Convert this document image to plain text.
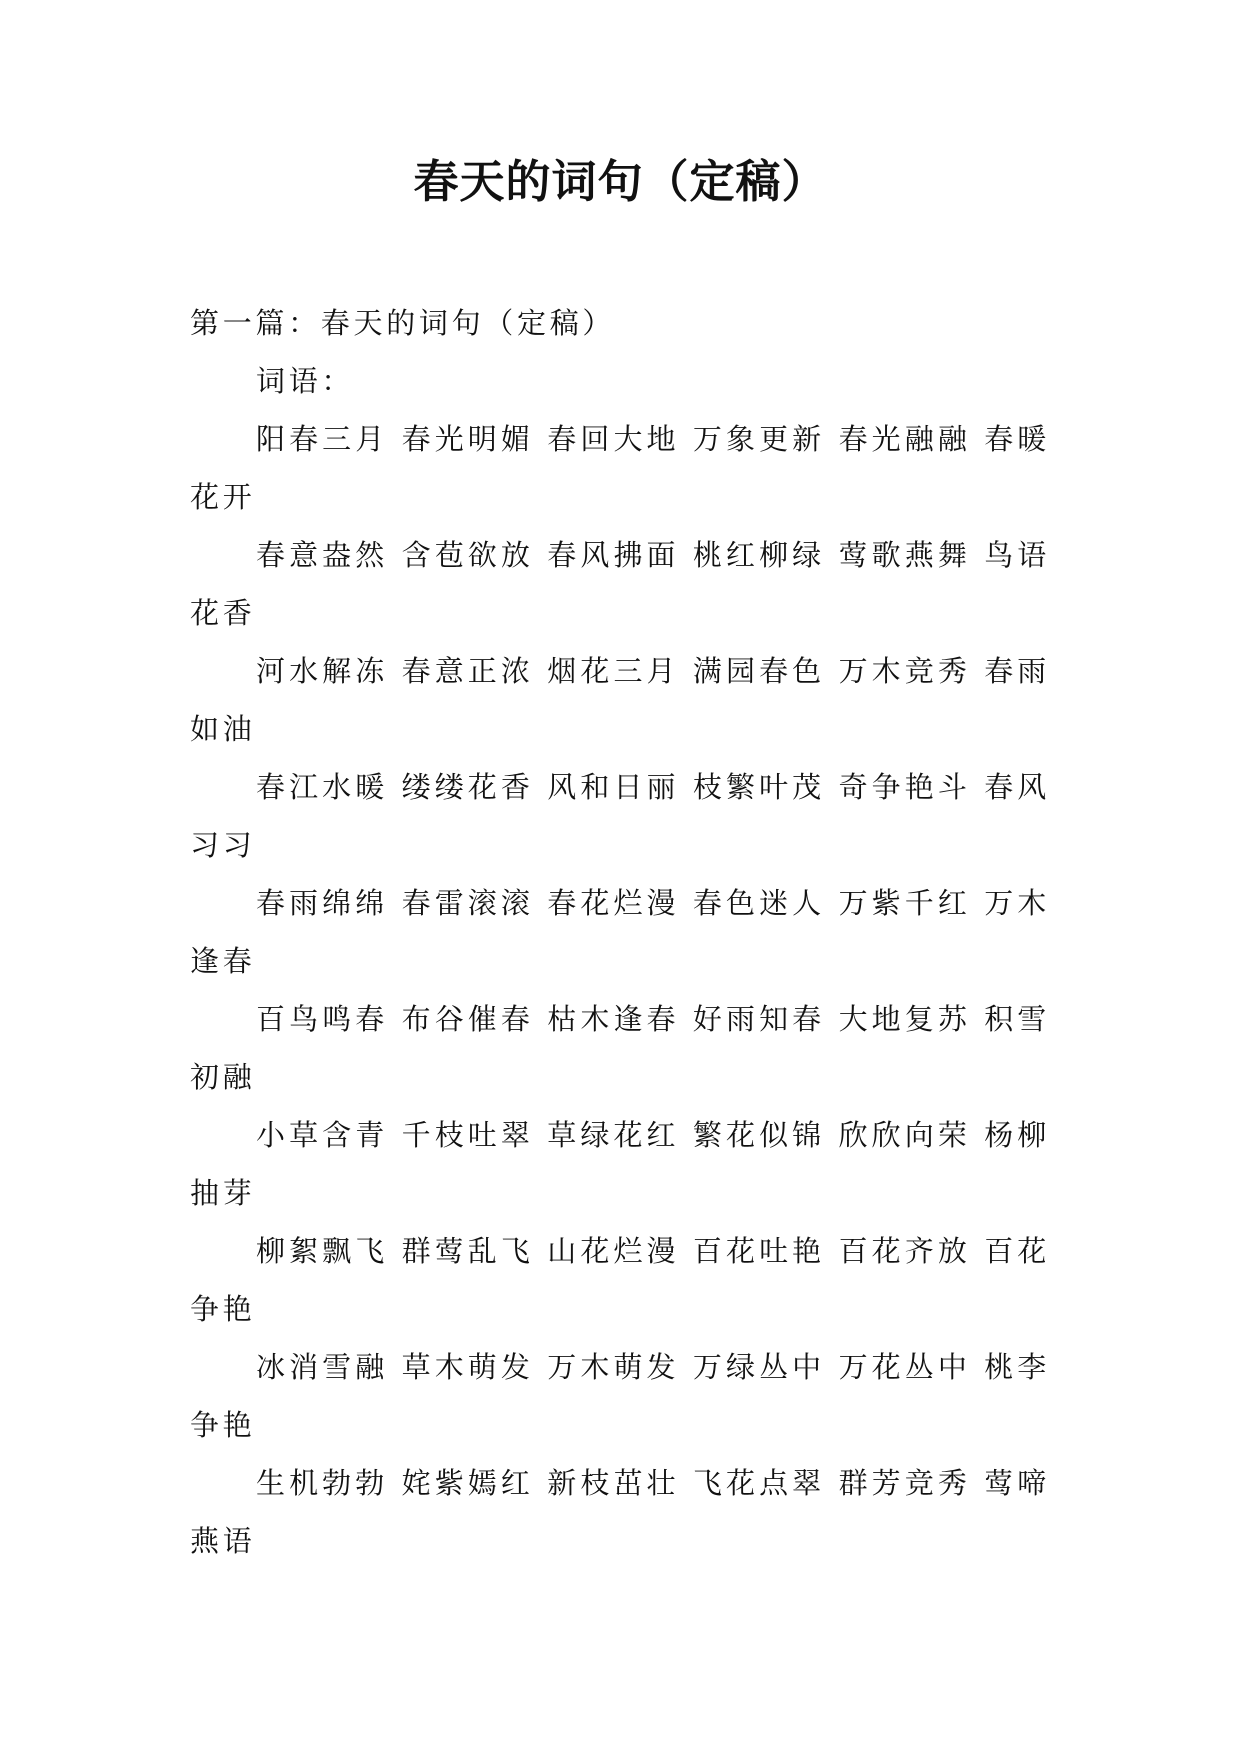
春天的词句（定稿）

第一篇：春天的词句（定稿）

词语：

阳春三月 春光明媚 春回大地 万象更新 春光融融 春暖花开

春意盎然 含苞欲放 春风拂面 桃红柳绿 莺歌燕舞 鸟语花香

河水解冻 春意正浓 烟花三月 满园春色 万木竞秀 春雨如油

春江水暖 缕缕花香 风和日丽 枝繁叶茂 奇争艳斗 春风习习

春雨绵绵 春雷滚滚 春花烂漫 春色迷人 万紫千红 万木逢春

百鸟鸣春 布谷催春 枯木逢春 好雨知春 大地复苏 积雪初融

小草含青 千枝吐翠 草绿花红 繁花似锦 欣欣向荣 杨柳抽芽

柳絮飘飞 群莺乱飞 山花烂漫 百花吐艳 百花齐放 百花争艳

冰消雪融 草木萌发 万木萌发 万绿丛中 万花丛中 桃李争艳

生机勃勃 姹紫嫣红 新枝茁壮 飞花点翠 群芳竞秀 莺啼燕语
